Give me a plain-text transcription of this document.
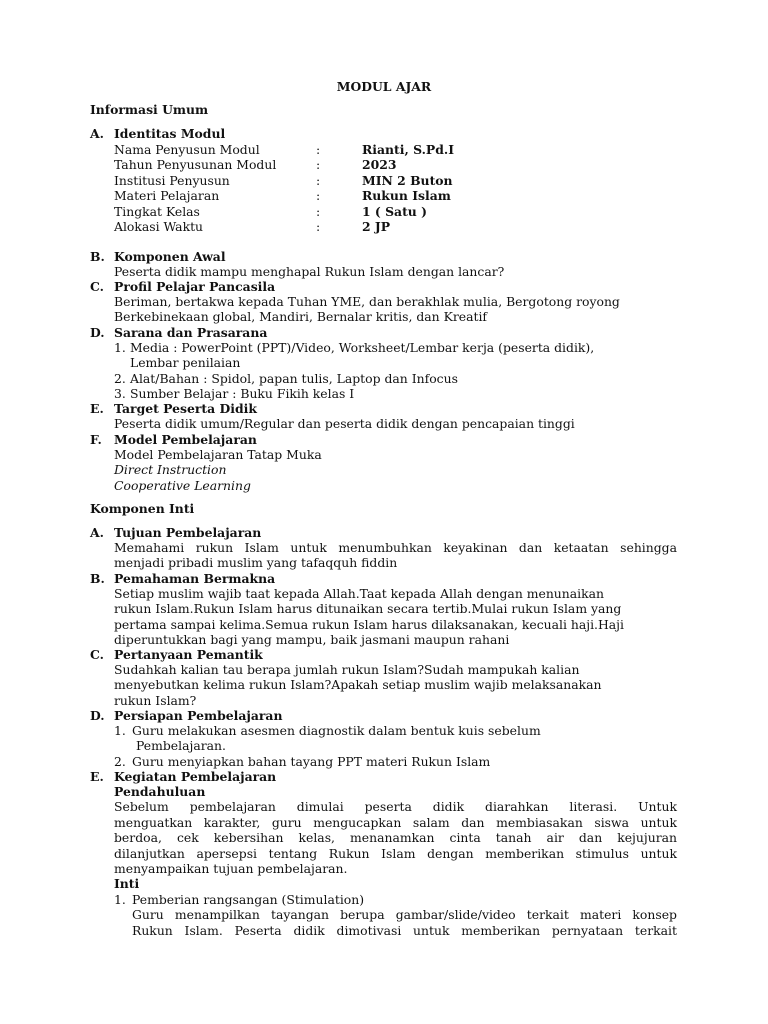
MODUL AJAR
Informasi Umum
A. Identitas Modul
Nama Penyusun Modul	:	Rianti, S.Pd.I
Tahun Penyusunan Modul	:	2023
Institusi Penyusun	:	MIN 2 Buton
Materi Pelajaran	:	Rukun Islam
Tingkat Kelas	:	1 ( Satu )
Alokasi Waktu	:	2 JP
B. Komponen Awal
Peserta didik mampu menghapal Rukun Islam dengan lancar?
C. Profil Pelajar Pancasila
Beriman, bertakwa kepada Tuhan YME, dan berakhlak mulia, Bergotong royong
Berkebinekaan global, Mandiri, Bernalar kritis, dan Kreatif
D. Sarana dan Prasarana
1. Media : PowerPoint (PPT)/Video, Worksheet/Lembar kerja (peserta didik),
Lembar penilaian
2. Alat/Bahan : Spidol, papan tulis, Laptop dan Infocus
3. Sumber Belajar : Buku Fikih kelas I
E. Target Peserta Didik
Peserta didik umum/Regular dan peserta didik dengan pencapaian tinggi
F. Model Pembelajaran
Model Pembelajaran Tatap Muka
Direct Instruction
Cooperative Learning
Komponen Inti
A. Tujuan Pembelajaran
Memahami rukun Islam untuk menumbuhkan keyakinan dan ketaatan sehingga
menjadi pribadi muslim yang tafaqquh fiddin
B. Pemahaman Bermakna
Setiap muslim wajib taat kepada Allah.Taat kepada Allah dengan menunaikan
rukun Islam.Rukun Islam harus ditunaikan secara tertib.Mulai rukun Islam yang
pertama sampai kelima.Semua rukun Islam harus dilaksanakan, kecuali haji.Haji
diperuntukkan bagi yang mampu, baik jasmani maupun rahani
C. Pertanyaan Pemantik
Sudahkah kalian tau berapa jumlah rukun Islam?Sudah mampukah kalian
menyebutkan kelima rukun Islam?Apakah setiap muslim wajib melaksanakan
rukun Islam?
D. Persiapan Pembelajaran
1. Guru melakukan asesmen diagnostik dalam bentuk kuis sebelum
Pembelajaran.
2. Guru menyiapkan bahan tayang PPT materi Rukun Islam
E. Kegiatan Pembelajaran
Pendahuluan
Sebelum pembelajaran dimulai peserta didik diarahkan literasi. Untuk
menguatkan karakter, guru mengucapkan salam dan membiasakan siswa untuk
berdoa, cek kebersihan kelas, menanamkan cinta tanah air dan kejujuran
dilanjutkan apersepsi tentang Rukun Islam dengan memberikan stimulus untuk
menyampaikan tujuan pembelajaran.
Inti
1. Pemberian rangsangan (Stimulation)
Guru menampilkan tayangan berupa gambar/slide/video terkait materi konsep
Rukun Islam. Peserta didik dimotivasi untuk memberikan pernyataan terkait
